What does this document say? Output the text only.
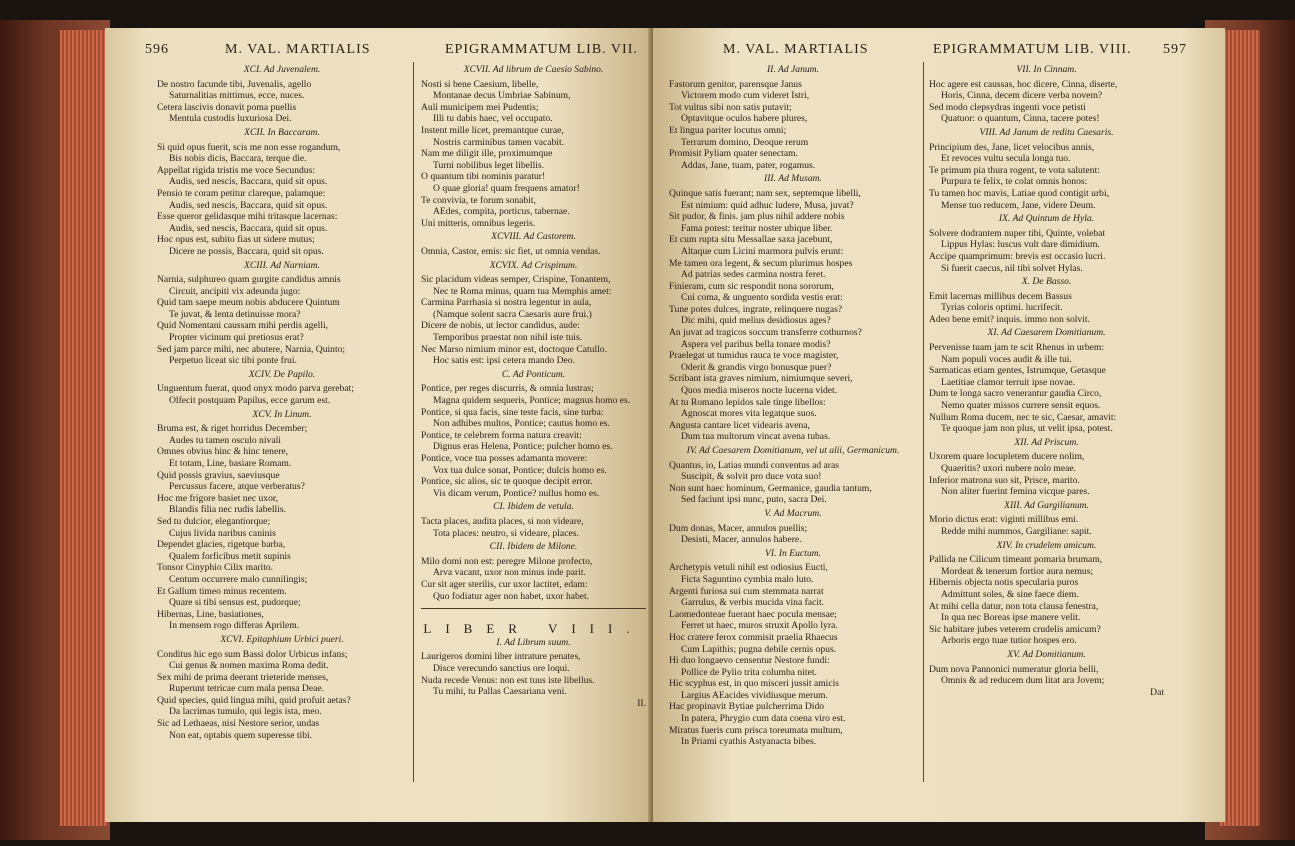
596	M. VAL. MARTIALIS	EPIGRAMMATUM LIB. VII.
XCI. Ad Juvenalem.
De nostro facunde tibi, Juvenalis, agello
Saturnalitias mittimus, ecce, nuces.
Cetera lascivis donavit poma puellis
Mentula custodis luxuriosa Dei.
XCII. In Baccaram.
Si quid opus fuerit, scis me non esse rogandum,
Bis nobis dicis, Baccara, terque die.
Appellat rigida tristis me voce Secundus:
Audis, sed nescis, Baccara, quid sit opus.
Pensio te coram petitur clareque, palamque:
Audis, sed nescis, Baccara, quid sit opus.
Esse queror gelidasque mihi tritasque lacernas:
Audis, sed nescis, Baccara, quid sit opus.
Hoc opus est, subito fias ut sidere mutus;
Dicere ne possis, Baccara, quid sit opus.
XCIII. Ad Narniam.
Narnia, sulphureo quam gurgite candidus amnis
Circuit, ancipiti vix adeunda jugo:
Quid tam saepe meum nobis abducere Quintum
Te juvat, & lenta detinuisse mora?
Quid Nomentani caussam mihi perdis agelli,
Propter vicinum qui pretiosus erat?
Sed jam parce mihi, nec abutere, Narnia, Quinto;
Perpetuo liceat sic tibi ponte frui.
XCIV. De Papilo.
Unguentum fuerat, quod onyx modo parva gerebat;
Olfecit postquam Papilus, ecce garum est.
XCV. In Linum.
Bruma est, & riget horridus December;
Audes tu tamen osculo nivali
Omnes obvius hinc & hinc tenere,
Et totam, Line, basiare Romam.
Quid possis gravius, saeviusque
Percussus facere, atque verberatus?
Hoc me frigore basiet nec uxor,
Blandis filia nec rudis labellis.
Sed tu dulcior, elegantiorque;
Cujus livida naribus caninis
Dependet glacies, rigetque barba,
Qualem forficibus metit supinis
Tonsor Cinyphio Cilix marito.
Centum occurrere malo cunnilingis;
Et Gallum timeo minus recentem.
Quare si tibi sensus est, pudorque;
Hibernas, Line, basiationes,
In mensem rogo differas Aprilem.
XCVI. Epitaphium Urbici pueri.
Conditus hic ego sum Bassi dolor Urbicus infans;
Cui genus & nomen maxima Roma dedit.
Sex mihi de prima deerant trieteride menses,
Ruperunt tetricae cum mala pensa Deae.
Quid species, quid lingua mihi, quid profuit aetas?
Da lacrimas tumulo, qui legis ista, meo.
Sic ad Lethaeas, nisi Nestore serior, undas
Non eat, optabis quem superesse tibi.
XCVII. Ad librum de Caesio Sabino.
Nosti si bene Caesium, libelle,
Montanae decus Umbriae Sabinum,
Auli municipem mei Pudentis;
Illi tu dabis haec, vel occupato.
Instent mille licet, premantque curae,
Nostris carminibus tamen vacabit.
Nam me diligit ille, proximumque
Turni nobilibus leget libellis.
O quantum tibi nominis paratur!
O quae gloria! quam frequens amator!
Te convivia, te forum sonabit,
AEdes, compita, porticus, tabernae.
Uni mitteris, omnibus legeris.
XCVIII. Ad Castorem.
Omnia, Castor, emis: sic fiet, ut omnia vendas.
XCVIX. Ad Crispinum.
Sic placidum videas semper, Crispine, Tonantem,
Nec te Roma minus, quam tua Memphis amet:
Carmina Parrhasia si nostra legentur in aula,
(Namque solent sacra Caesaris aure frui.)
Dicere de nobis, ut lector candidus, aude:
Temporibus praestat non nihil iste tuis.
Nec Marso nimium minor est, doctoque Catullo.
Hoc satis est: ipsi cetera mando Deo.
C. Ad Ponticum.
Pontice, per reges discurris, & omnia lustras;
Magna quidem sequeris, Pontice; magnus homo es.
Pontice, si qua facis, sine teste facis, sine turba:
Non adhibes multos, Pontice; cautus homo es.
Pontice, te celebrem forma natura creavit:
Dignus eras Helena, Pontice; pulcher homo es.
Pontice, voce tua posses adamanta movere:
Vox tua dulce sonat, Pontice; dulcis homo es.
Pontice, sic alios, sic te quoque decipit error.
Vis dicam verum, Pontice? nullus homo es.
CI. Ibidem de vetula.
Tacta places, audita places, si non videare,
Tota places: neutro, si videare, places.
CII. Ibidem de Milone.
Milo domi non est: peregre Milone profecto,
Arva vacant, uxor non minus inde parit.
Cur sit ager sterilis, cur uxor lactitet, edam:
Quo fodiatur ager non habet, uxor habet.
LIBER VIII.
I. Ad Librum suum.
Laurigeros domini liber intrature penates,
Disce verecundo sanctius ore loqui.
Nuda recede Venus: non est tuus iste libellus.
Tu mihi, tu Pallas Caesariana veni.
II.
M. VAL. MARTIALIS	EPIGRAMMATUM LIB. VIII. 597
II. Ad Janum.
Fastorum genitor, parensque Janus
Victorem modo cum videret Istri,
Tot vultus sibi non satis putavit;
Optavitque oculos habere plures,
Et lingua pariter locutus omni;
Terrarum domino, Deoque rerum
Promisit Pyliam quater senectam.
Addas, Jane, tuam, pater, rogamus.
III. Ad Musam.
Quinque satis fuerant; nam sex, septemque libelli,
Est nimium: quid adhuc ludere, Musa, juvat?
Sit pudor, & finis. jam plus nihil addere nobis
Fama potest: teritur noster ubique liber.
Et cum rupta situ Messallae saxa jacebunt,
Altaque cum Licini marmora pulvis erunt:
Me tamen ora legent, & secum plurimus hospes
Ad patrias sedes carmina nostra feret.
Finieram, cum sic respondit nona sororum,
Cui coma, & unguento sordida vestis erat:
Tune potes dulces, ingrate, relinquere nugas?
Dic mihi, quid melius desidiosus ages?
An juvat ad tragicos soccum transferre cothurnos?
Aspera vel paribus bella tonare modis?
Praelegat ut tumidus rauca te voce magister,
Oderit & grandis virgo bonusque puer?
Scribant ista graves nimium, nimiumque severi,
Quos media miseros nocte lucerna videt.
At tu Romano lepidos sale tinge libellos:
Agnoscat mores vita legatque suos.
Angusta cantare licet videaris avena,
Dum tua multorum vincat avena tubas.
IV. Ad Caesarem Domitianum, vel ut alii, Germanicum.
Quantus, io, Latias mundi conventus ad aras
Suscipit, & solvit pro duce vota suo!
Non sunt haec hominum, Germanice, gaudia tantum,
Sed faciunt ipsi nunc, puto, sacra Dei.
V. Ad Macrum.
Dum donas, Macer, annulos puellis;
Desisti, Macer, annulos habere.
VI. In Euctum.
Archetypis vetuli nihil est odiosius Eucti,
Ficta Saguntino cymbia malo luto.
Argenti furiosa sui cum stemmata narrat
Garrulus, & verbis mucida vina facit.
Laomedonteae fuerant haec pocula mensae;
Ferret ut haec, muros struxit Apollo lyra.
Hoc cratere ferox commisit praelia Rhaecus
Cum Lapithis; pugna debile cernis opus.
Hi duo longaevo censentur Nestore fundi:
Pollice de Pylio trita columba nitet.
Hic scyphus est, in quo misceri jussit amicis
Largius AEacides vividiusque merum.
Hac propinavit Bytiae pulcherrima Dido
In patera, Phrygio cum data coena viro est.
Miratus fueris cum prisca toreumata multum,
In Priami cyathis Astyanacta bibes.
VII. In Cinnam.
Hoc agere est caussas, hoc dicere, Cinna, diserte,
Horis, Cinna, decem dicere verba novem?
Sed modo clepsydras ingenti voce petisti
Quatuor: o quantum, Cinna, tacere potes!
VIII. Ad Janum de reditu Caesaris.
Principium des, Jane, licet velocibus annis,
Et revoces vultu secula longa tuo.
Te primum pia thura rogent, te vota salutent:
Purpura te felix, te colat omnis honos:
Tu tamen hoc mavis, Latiae quod contigit urbi,
Mense tuo reducem, Jane, videre Deum.
IX. Ad Quintum de Hyla.
Solvere dodrantem nuper tibi, Quinte, volebat
Lippus Hylas: luscus vult dare dimidium.
Accipe quamprimum: brevis est occasio lucri.
Si fuerit caecus, nil tibi solvet Hylas.
X. De Basso.
Emit lacernas millibus decem Bassus
Tyrias coloris optimi. lucrifecit.
Adeo bene emit? inquis. immo non solvit.
XI. Ad Caesarem Domitianum.
Pervenisse tuam jam te scit Rhenus in urbem:
Nam populi voces audit & ille tui.
Sarmaticas etiam gentes, Istrumque, Getasque
Laetitiae clamor terruit ipse novae.
Dum te longa sacro venerantur gaudia Circo,
Nemo quater missos currere sensit equos.
Nullum Roma ducem, nec te sic, Caesar, amavit:
Te quoque jam non plus, ut velit ipsa, potest.
XII. Ad Priscum.
Uxorem quare locupletem ducere nolim,
Quaeritis? uxori nubere nolo meae.
Inferior matrona suo sit, Prisce, marito.
Non aliter fuerint femina vicque pares.
XIII. Ad Gargilianum.
Morio dictus erat: viginti millibus emi.
Redde mihi nummos, Gargiliane: sapit.
XIV. In crudelem amicum.
Pallida ne Cilicum timeant pomaria brumam,
Mordeat & tenerum fortior aura nemus;
Hibernis objecta notis specularia puros
Admittunt soles, & sine faece diem.
At mihi cella datur, non tota clausa fenestra,
In qua nec Boreas ipse manere velit.
Sic habitare jubes veterem crudelis amicum?
Arboris ergo tuae tutior hospes ero.
XV. Ad Domitianum.
Dum nova Pannonici numeratur gloria belli,
Omnis & ad reducem dum litat ara Jovem;
Dat
